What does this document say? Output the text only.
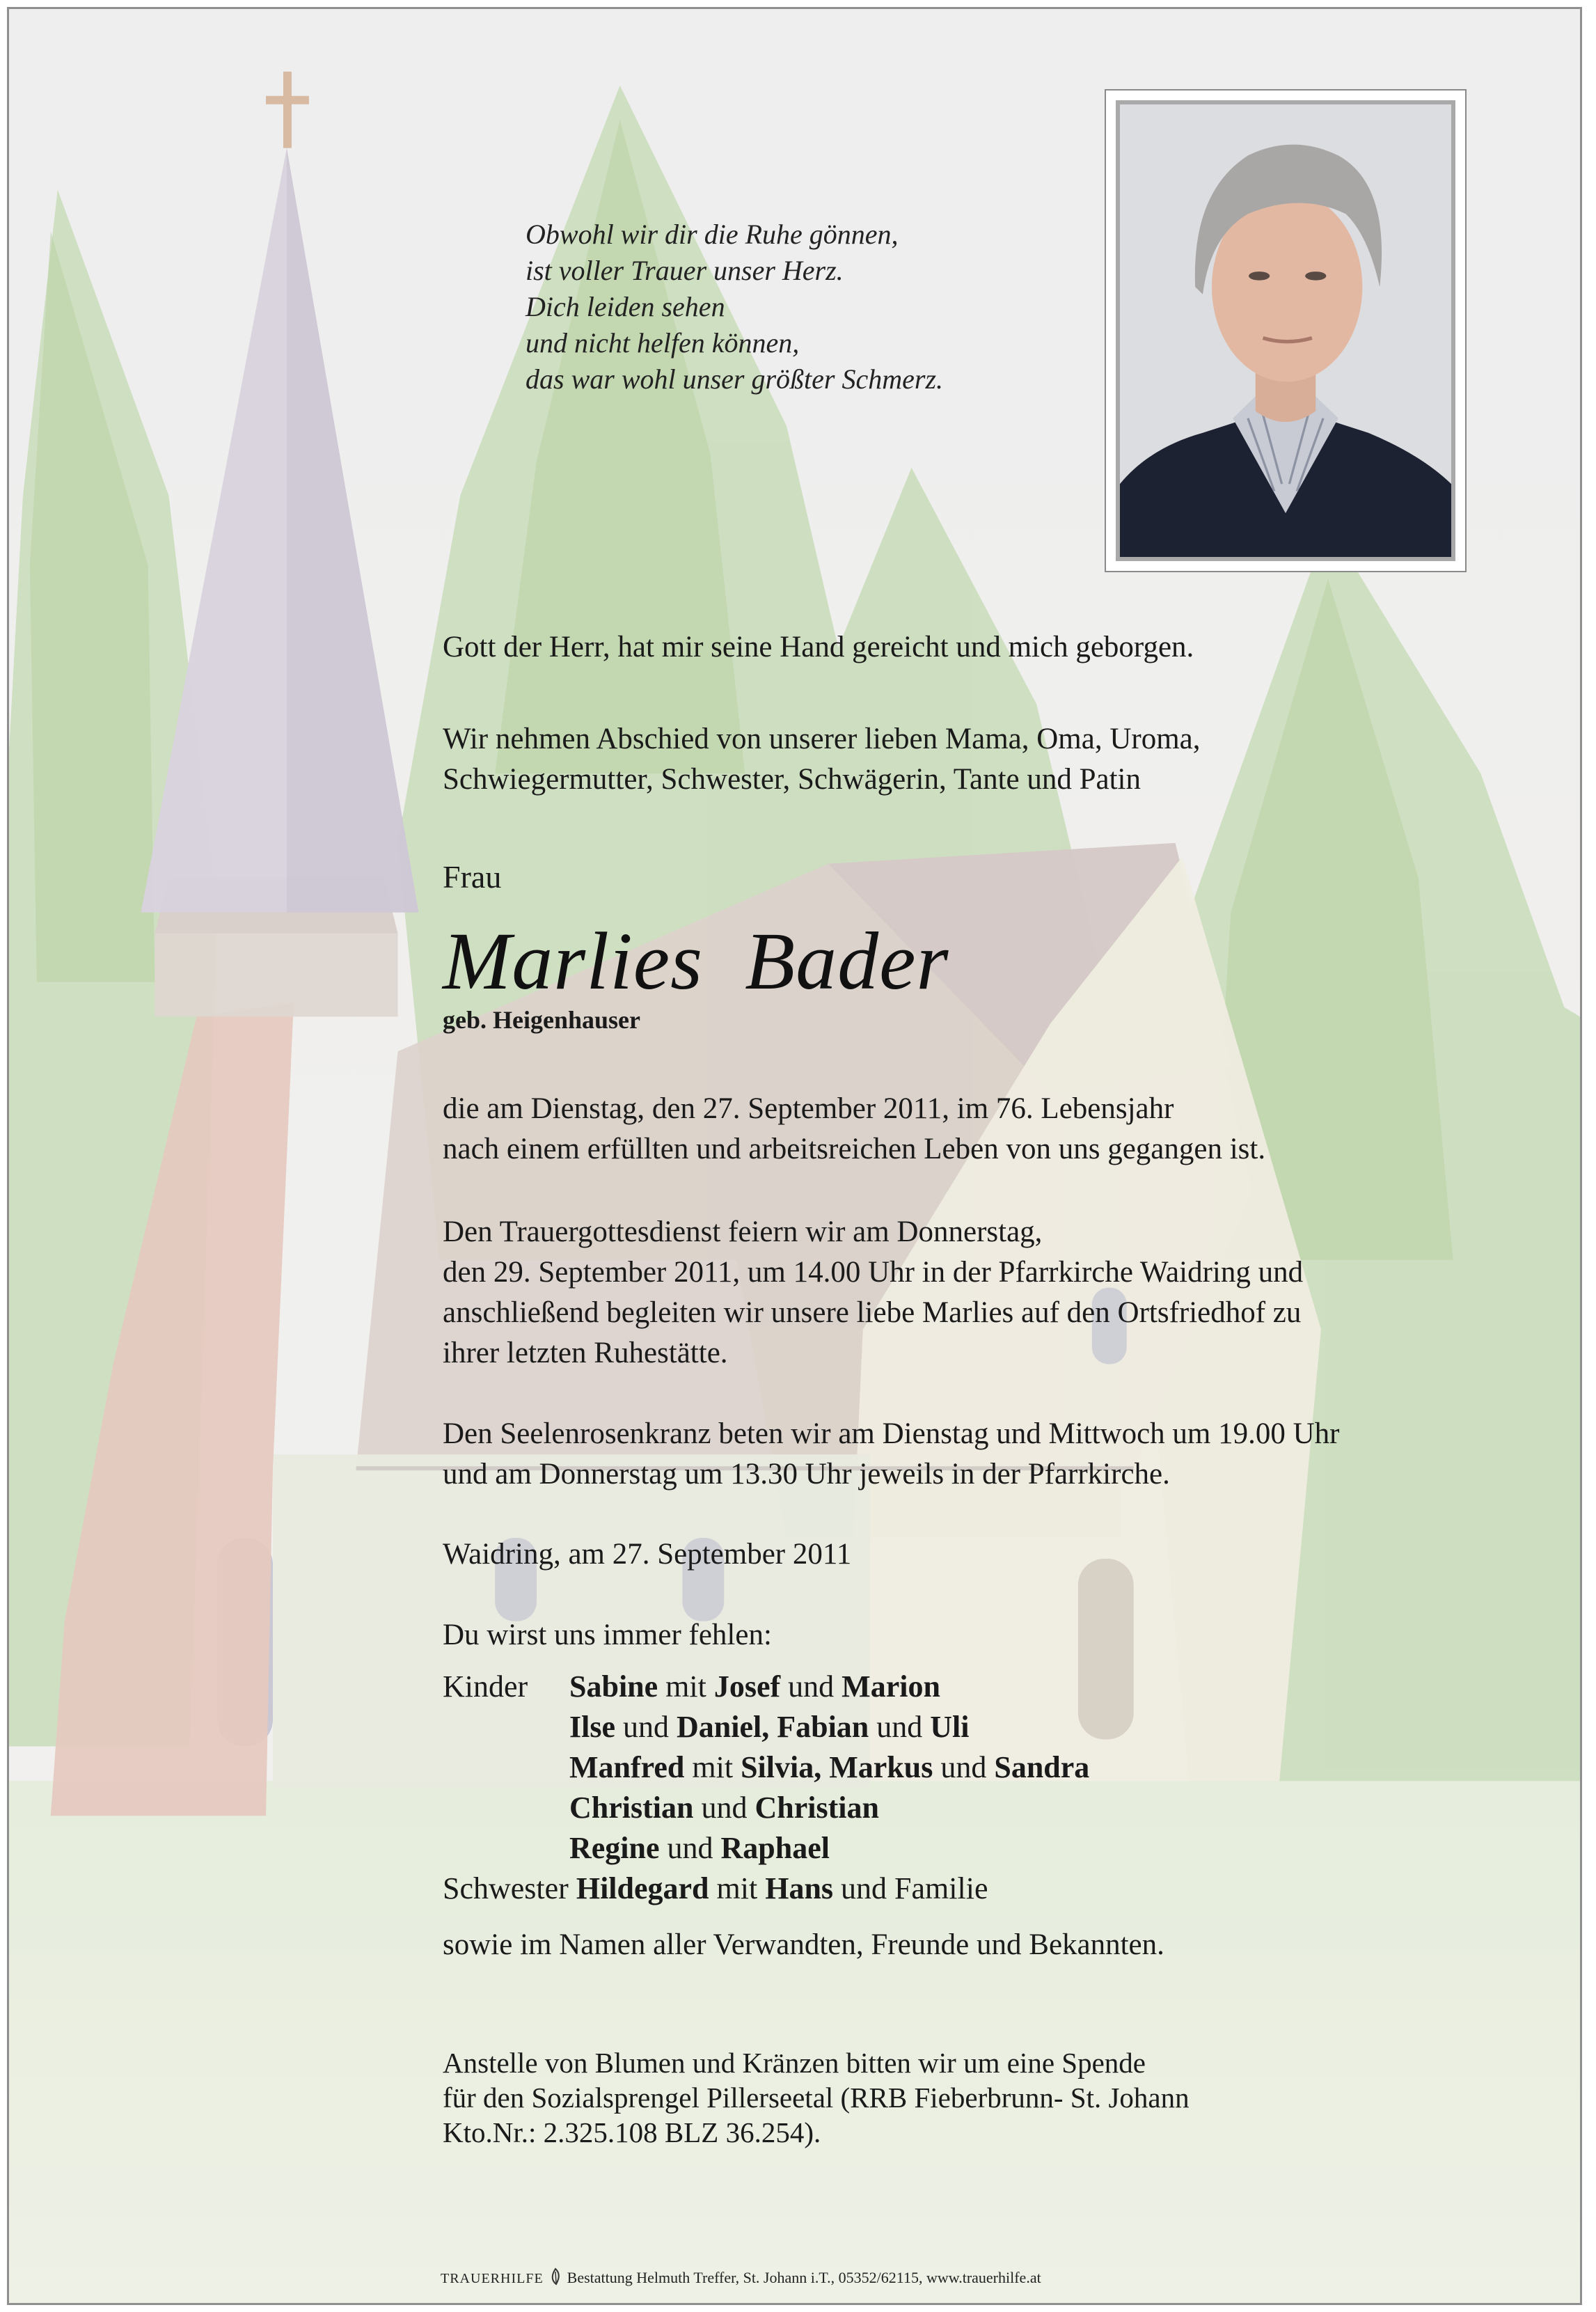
Obwohl wir dir die Ruhe gönnen,
ist voller Trauer unser Herz.
Dich leiden sehen
und nicht helfen können,
das war wohl unser größter Schmerz.
Gott der Herr, hat mir seine Hand gereicht und mich geborgen.
Wir nehmen Abschied von unserer lieben Mama, Oma, Uroma,
Schwiegermutter, Schwester, Schwägerin, Tante und Patin
Frau
Marlies Bader
geb. Heigenhauser
die am Dienstag, den 27. September 2011, im 76. Lebensjahr
nach einem erfüllten und arbeitsreichen Leben von uns gegangen ist.
Den Trauergottesdienst feiern wir am Donnerstag,
den 29. September 2011, um 14.00 Uhr in der Pfarrkirche Waidring und
anschließend begleiten wir unsere liebe Marlies auf den Ortsfriedhof zu
ihrer letzten Ruhestätte.
Den Seelenrosenkranz beten wir am Dienstag und Mittwoch um 19.00 Uhr
und am Donnerstag um 13.30 Uhr jeweils in der Pfarrkirche.
Waidring, am 27. September 2011
Du wirst uns immer fehlen:
Kinder Sabine mit Josef und Marion
Ilse und Daniel, Fabian und Uli
Manfred mit Silvia, Markus und Sandra
Christian und Christian
Regine und Raphael
Schwester Hildegard mit Hans und Familie
sowie im Namen aller Verwandten, Freunde und Bekannten.
Anstelle von Blumen und Kränzen bitten wir um eine Spende
für den Sozialsprengel Pillerseetal (RRB Fieberbrunn- St. Johann
Kto.Nr.: 2.325.108 BLZ 36.254).
TRAUERHILFE Bestattung Helmuth Treffer, St. Johann i.T., 05352/62115, www.trauerhilfe.at
